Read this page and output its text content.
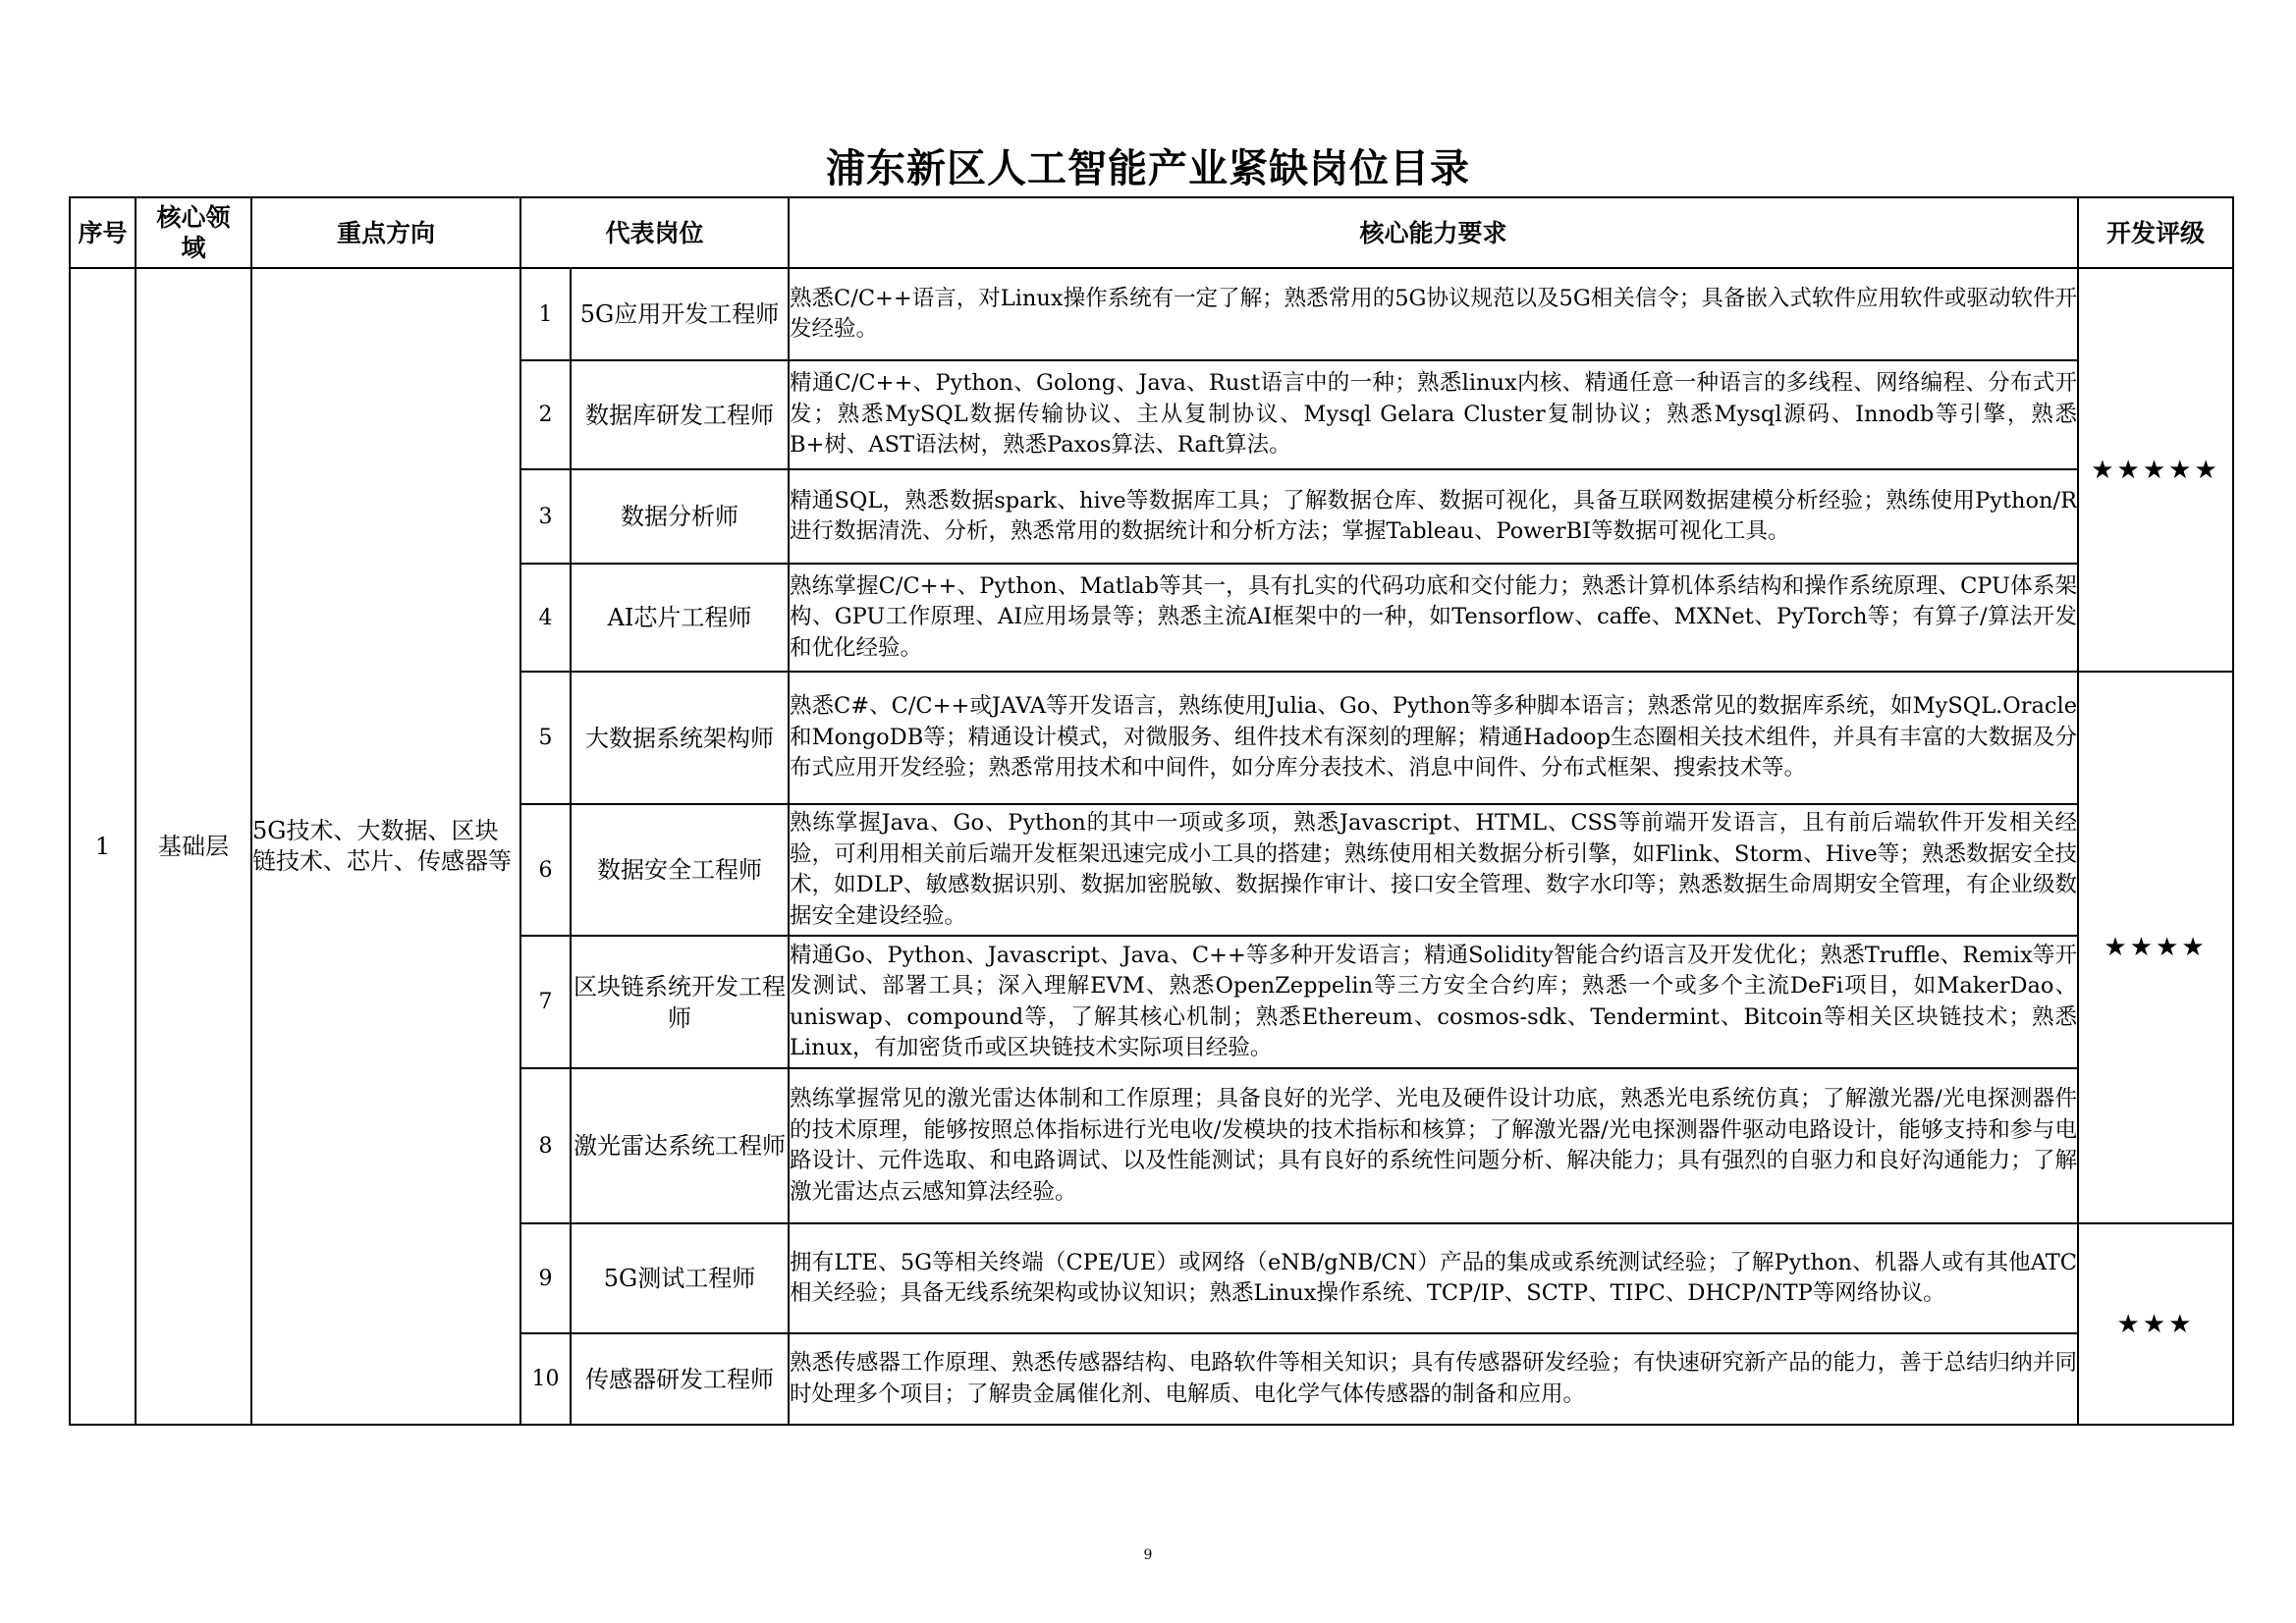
浦东新区人工智能产业紧缺岗位目录
序号	核心领域	重点方向	代表岗位		核心能力要求	开发评级
1	基础层	5G技术、大数据、区块链技术、芯片、传感器等	1	5G应用开发工程师	熟悉C/C++语言，对Linux操作系统有一定了解；熟悉常用的5G协议规范以及5G相关信令；具备嵌入式软件应用软件或驱动软件开发经验。	★★★★★
			2	数据库研发工程师	精通C/C++、Python、Golong、Java、Rust语言中的一种；熟悉linux内核、精通任意一种语言的多线程、网络编程、分布式开发；熟悉MySQL数据传输协议、主从复制协议、Mysql Gelara Cluster复制协议；熟悉Mysql源码、Innodb等引擎，熟悉B+树、AST语法树，熟悉Paxos算法、Raft算法。	
			3	数据分析师	精通SQL，熟悉数据spark、hive等数据库工具；了解数据仓库、数据可视化，具备互联网数据建模分析经验；熟练使用Python/R进行数据清洗、分析，熟悉常用的数据统计和分析方法；掌握Tableau、PowerBI等数据可视化工具。	
			4	AI芯片工程师	熟练掌握C/C++、Python、Matlab等其一，具有扎实的代码功底和交付能力；熟悉计算机体系结构和操作系统原理、CPU体系架构、GPU工作原理、AI应用场景等；熟悉主流AI框架中的一种，如Tensorflow、caffe、MXNet、PyTorch等；有算子/算法开发和优化经验。	
			5	大数据系统架构师	熟悉C#、C/C++或JAVA等开发语言，熟练使用Julia、Go、Python等多种脚本语言；熟悉常见的数据库系统，如MySQL.Oracle和MongoDB等；精通设计模式，对微服务、组件技术有深刻的理解；精通Hadoop生态圈相关技术组件，并具有丰富的大数据及分布式应用开发经验；熟悉常用技术和中间件，如分库分表技术、消息中间件、分布式框架、搜索技术等。	★★★★
			6	数据安全工程师	熟练掌握Java、Go、Python的其中一项或多项，熟悉Javascript、HTML、CSS等前端开发语言，且有前后端软件开发相关经验，可利用相关前后端开发框架迅速完成小工具的搭建；熟练使用相关数据分析引擎，如Flink、Storm、Hive等；熟悉数据安全技术，如DLP、敏感数据识别、数据加密脱敏、数据操作审计、接口安全管理、数字水印等；熟悉数据生命周期安全管理，有企业级数据安全建设经验。	
			7	区块链系统开发工程师	精通Go、Python、Javascript、Java、C++等多种开发语言；精通Solidity智能合约语言及开发优化；熟悉Truffle、Remix等开发测试、部署工具；深入理解EVM、熟悉OpenZeppelin等三方安全合约库；熟悉一个或多个主流DeFi项目，如MakerDao、uniswap、compound等，了解其核心机制；熟悉Ethereum、cosmos-sdk、Tendermint、Bitcoin等相关区块链技术；熟悉Linux，有加密货币或区块链技术实际项目经验。	
			8	激光雷达系统工程师	熟练掌握常见的激光雷达体制和工作原理；具备良好的光学、光电及硬件设计功底，熟悉光电系统仿真；了解激光器/光电探测器件的技术原理，能够按照总体指标进行光电收/发模块的技术指标和核算；了解激光器/光电探测器件驱动电路设计，能够支持和参与电路设计、元件选取、和电路调试、以及性能测试；具有良好的系统性问题分析、解决能力；具有强烈的自驱力和良好沟通能力；了解激光雷达点云感知算法经验。	
			9	5G测试工程师	拥有LTE、5G等相关终端（CPE/UE）或网络（eNB/gNB/CN）产品的集成或系统测试经验；了解Python、机器人或有其他ATC相关经验；具备无线系统架构或协议知识；熟悉Linux操作系统、TCP/IP、SCTP、TIPC、DHCP/NTP等网络协议。	★★★
			10	传感器研发工程师	熟悉传感器工作原理、熟悉传感器结构、电路软件等相关知识；具有传感器研发经验；有快速研究新产品的能力，善于总结归纳并同时处理多个项目；了解贵金属催化剂、电解质、电化学气体传感器的制备和应用。	
9
